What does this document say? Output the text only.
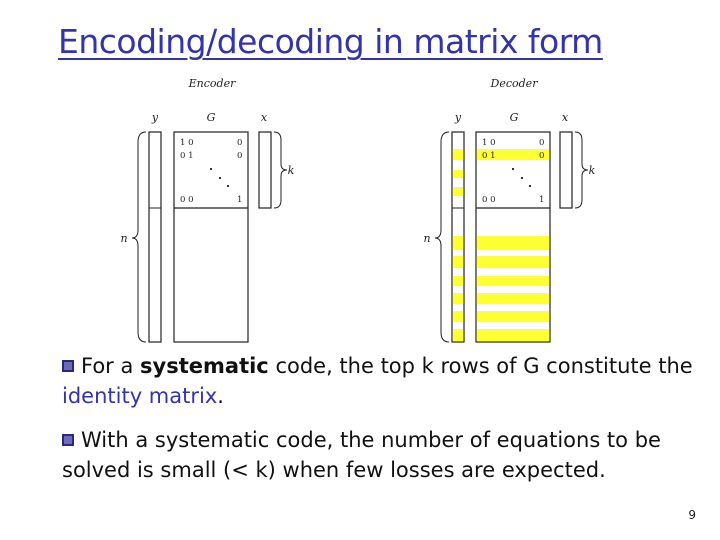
Encoding/decoding in matrix form
Encoder
y	G	x
1 0	0
0 1	0
0 0	1
n
k
Decoder
y	G	x
1 0	0
0 1	0
0 0	1
n
k
For a systematic code, the top k rows of G constitute the identity matrix.
With a systematic code, the number of equations to be solved is small (< k) when few losses are expected.
9
